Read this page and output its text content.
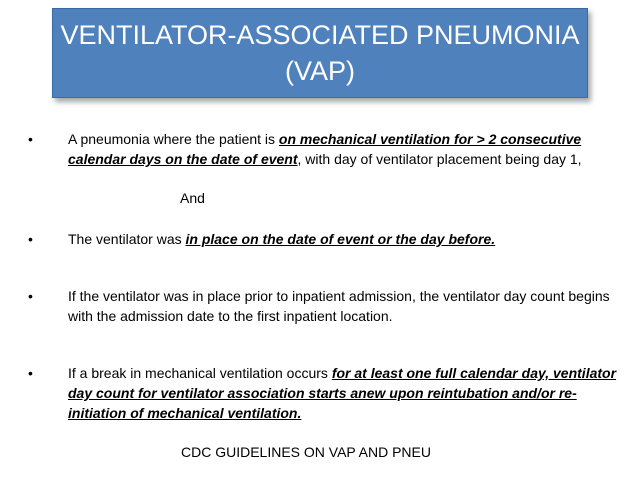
VENTILATOR-ASSOCIATED PNEUMONIA
(VAP)
•	A pneumonia where the patient is on mechanical ventilation for > 2 consecutive calendar days on the date of event, with day of ventilator placement being day 1,
•	The ventilator was in place on the date of event or the day before.
•	If the ventilator was in place prior to inpatient admission, the ventilator day count begins with the admission date to the first inpatient location.
•	If a break in mechanical ventilation occurs for at least one full calendar day, ventilator day count for ventilator association starts anew upon reintubation and/or re-initiation of mechanical ventilation.
And
CDC GUIDELINES ON VAP AND PNEU
